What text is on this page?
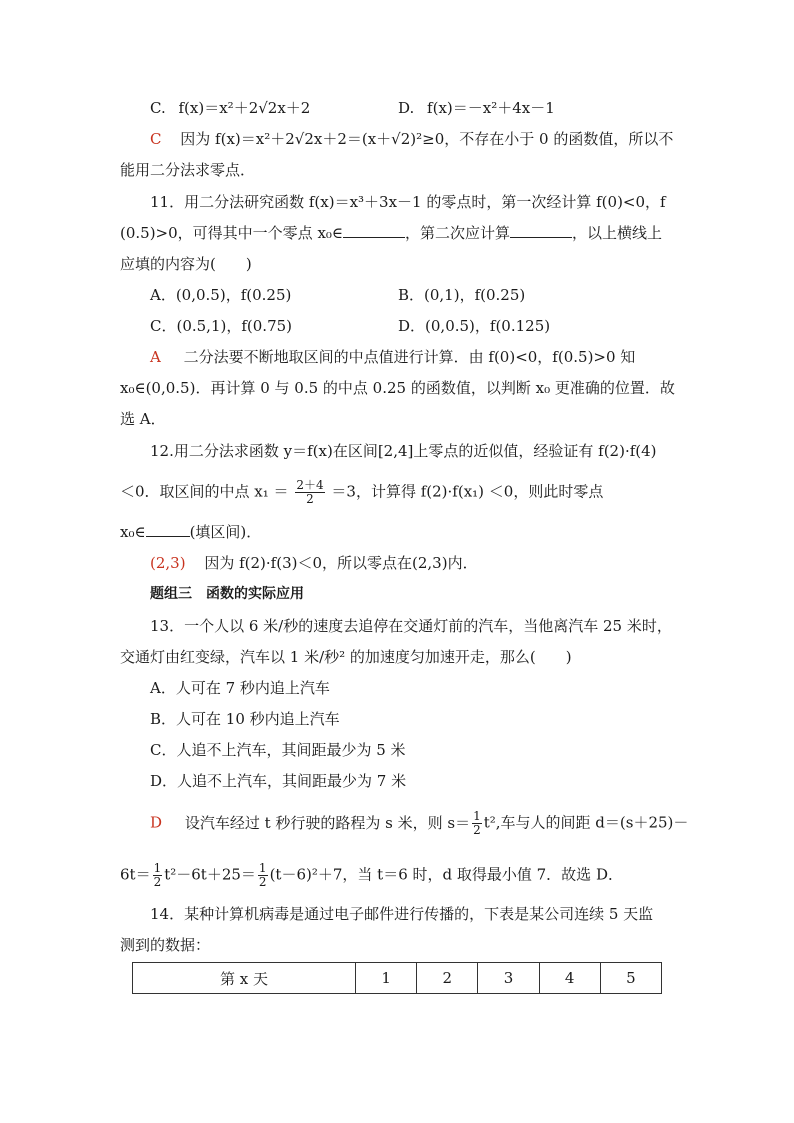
C. f(x)＝x²＋2√2x＋2	D. f(x)＝－x²＋4x－1
C 因为 f(x)＝x²＋2√2x＋2＝(x＋√2)²≥0，不存在小于 0 的函数值，所以不
能用二分法求零点．
11．用二分法研究函数 f(x)＝x³＋3x－1 的零点时，第一次经计算 f(0)<0，f
(0.5)>0，可得其中一个零点 x₀∈	，第二次应计算	，以上横线上
应填的内容为(　　)
A．(0,0.5)，f(0.25)	B．(0,1)，f(0.25)
C．(0.5,1)，f(0.75)	D．(0,0.5)，f(0.125)
A 二分法要不断地取区间的中点值进行计算．由 f(0)<0，f(0.5)>0 知
x₀∈(0,0.5)．再计算 0 与 0.5 的中点 0.25 的函数值，以判断 x₀ 更准确的位置．故
选 A．
12.用二分法求函数 y＝f(x)在区间[2,4]上零点的近似值，经验证有 f(2)·f(4)
＜0．取区间的中点 $x_1 = \frac{2+4}{2} =3$，计算得 f(2)·f(x₁) ＜0，则此时零点
x₀∈	(填区间)．
(2,3) 因为 f(2)·f(3)＜0，所以零点在(2,3)内．
题组三　函数的实际应用
13．一个人以 6 米/秒的速度去追停在交通灯前的汽车，当他离汽车 25 米时，
交通灯由红变绿，汽车以 1 米/秒² 的加速度匀加速开走，那么(　　)
A．人可在 7 秒内追上汽车
B．人可在 10 秒内追上汽车
C．人追不上汽车，其间距最少为 5 米
D．人追不上汽车，其间距最少为 7 米
D 设汽车经过 t 秒行驶的路程为 s 米，则 $s= \frac{1}{2} t^2$,车与人的间距 d＝(s＋25)－
$6t= \frac{1}{2} t^2-6t+25= \frac{1}{2} (t-6)^2+7$，当 t＝6 时，d 取得最小值 7．故选 D．
14．某种计算机病毒是通过电子邮件进行传播的，下表是某公司连续 5 天监
测到的数据：
第 x 天	1	2	3	4	5
